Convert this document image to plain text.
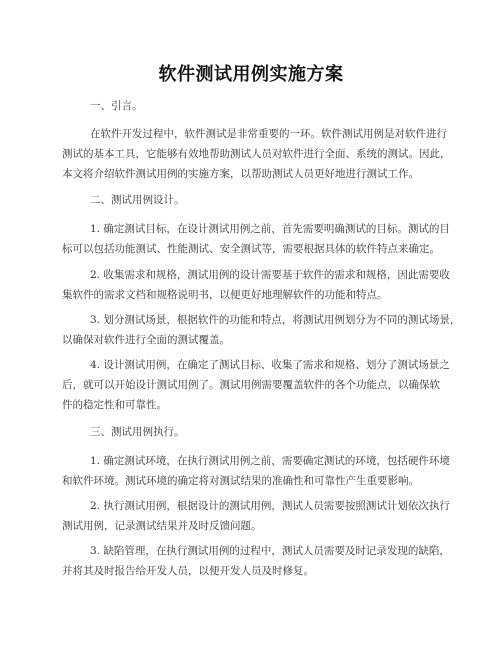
软件测试用例实施方案
一、引言。
在软件开发过程中，软件测试是非常重要的一环。软件测试用例是对软件进行
测试的基本工具，它能够有效地帮助测试人员对软件进行全面、系统的测试。因此，
本文将介绍软件测试用例的实施方案，以帮助测试人员更好地进行测试工作。
二、测试用例设计。
1. 确定测试目标，在设计测试用例之前，首先需要明确测试的目标。测试的目
标可以包括功能测试、性能测试、安全测试等，需要根据具体的软件特点来确定。
2. 收集需求和规格，测试用例的设计需要基于软件的需求和规格，因此需要收
集软件的需求文档和规格说明书，以便更好地理解软件的功能和特点。
3. 划分测试场景，根据软件的功能和特点，将测试用例划分为不同的测试场景，
以确保对软件进行全面的测试覆盖。
4. 设计测试用例，在确定了测试目标、收集了需求和规格、划分了测试场景之
后，就可以开始设计测试用例了。测试用例需要覆盖软件的各个功能点，以确保软
件的稳定性和可靠性。
三、测试用例执行。
1. 确定测试环境，在执行测试用例之前，需要确定测试的环境，包括硬件环境
和软件环境。测试环境的确定将对测试结果的准确性和可靠性产生重要影响。
2. 执行测试用例，根据设计的测试用例，测试人员需要按照测试计划依次执行
测试用例，记录测试结果并及时反馈问题。
3. 缺陷管理，在执行测试用例的过程中，测试人员需要及时记录发现的缺陷，
并将其及时报告给开发人员，以便开发人员及时修复。
